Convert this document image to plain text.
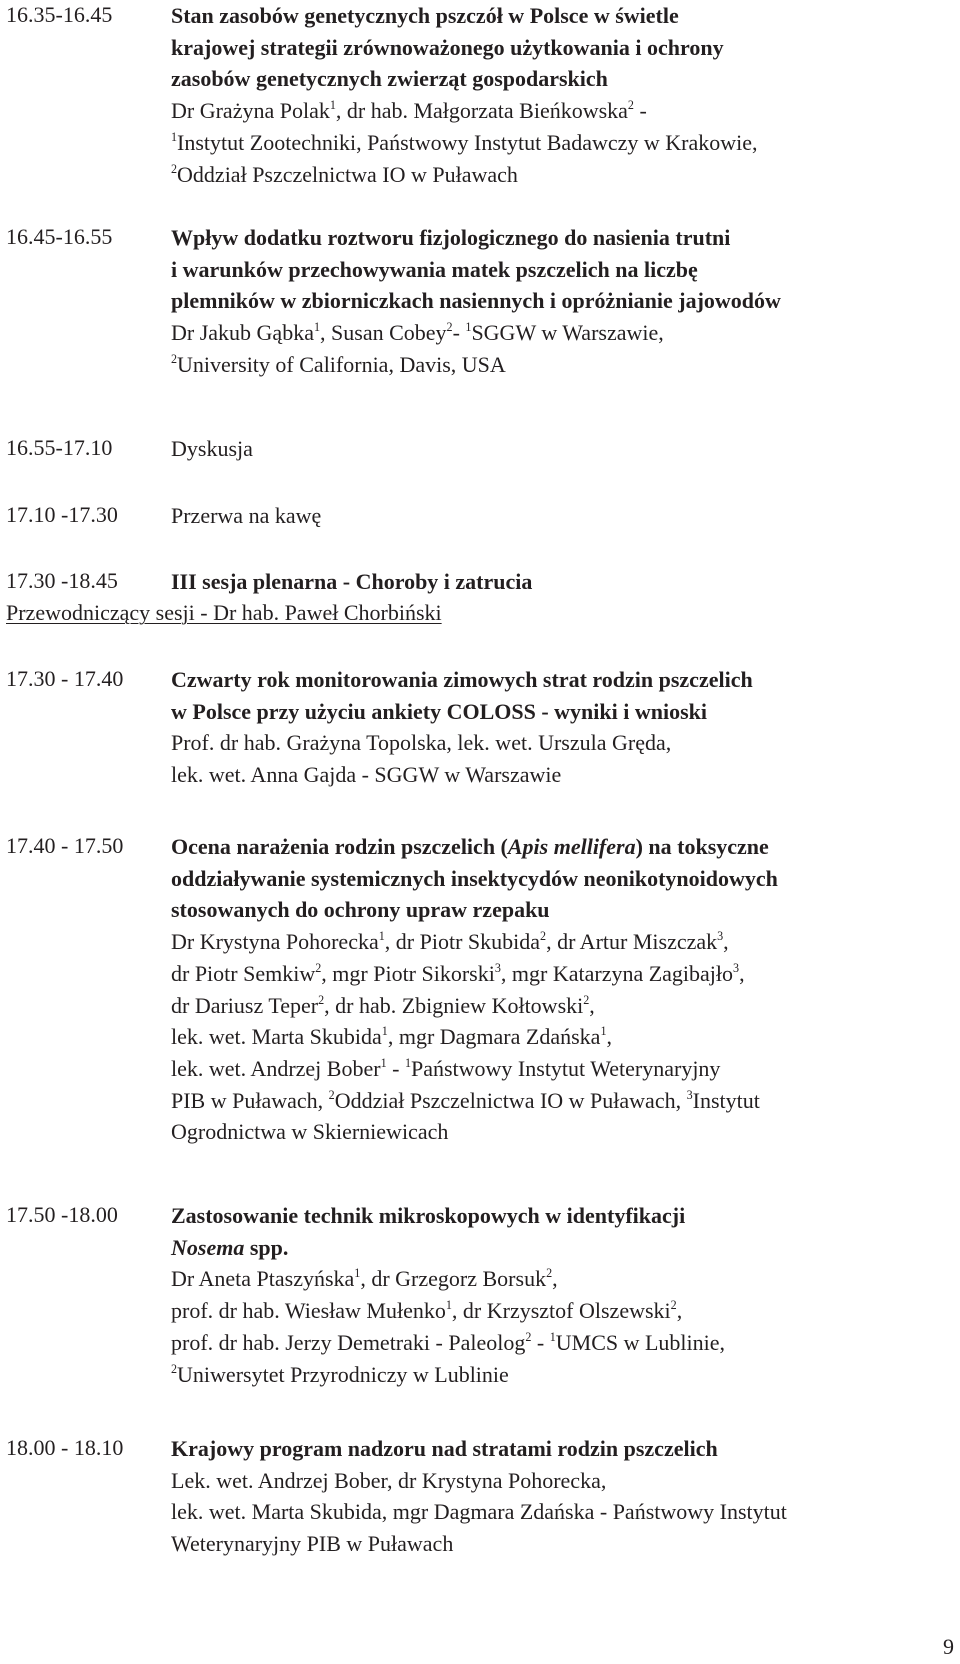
16.35-16.45	Stan zasobów genetycznych pszczół w Polsce w świetle
krajowej strategii zrównoważonego użytkowania i ochrony
zasobów genetycznych zwierząt gospodarskich
Dr Grażyna Polak$^1$, dr hab. Małgorzata Bieńkowska$^2$ -
$^1$Instytut Zootechniki, Państwowy Instytut Badawczy w Krakowie,
$^2$Oddział Pszczelnictwa IO w Puławach
16.45-16.55	Wpływ dodatku roztworu fizjologicznego do nasienia trutni
i warunków przechowywania matek pszczelich na liczbę
plemników w zbiorniczkach nasiennych i opróżnianie jajowodów
Dr Jakub Gąbka$^1$, Susan Cobey$^2$- $^1$SGGW w Warszawie,
$^2$University of California, Davis, USA
16.55-17.10	Dyskusja
17.10 -17.30 Przerwa na kawę
17.30 -18.45 III sesja plenarna - Choroby i zatrucia
Przewodniczący sesji - Dr hab. Paweł Chorbiński
17.30 - 17.40 Czwarty rok monitorowania zimowych strat rodzin pszczelich
w Polsce przy użyciu ankiety COLOSS - wyniki i wnioski
Prof. dr hab. Grażyna Topolska, lek. wet. Urszula Gręda,
lek. wet. Anna Gajda - SGGW w Warszawie
17.40 - 17.50 Ocena narażenia rodzin pszczelich (Apis mellifera) na toksyczne
oddziaływanie systemicznych insektycydów neonikotynoidowych
stosowanych do ochrony upraw rzepaku
Dr Krystyna Pohorecka$^1$, dr Piotr Skubida$^2$, dr Artur Miszczak$^3$,
dr Piotr Semkiw$^2$, mgr Piotr Sikorski$^3$, mgr Katarzyna Zagibajło$^3$,
dr Dariusz Teper$^2$, dr hab. Zbigniew Kołtowski$^2$,
lek. wet. Marta Skubida$^1$, mgr Dagmara Zdańska$^1$,
lek. wet. Andrzej Bober$^1$ - $^1$Państwowy Instytut Weterynaryjny
PIB w Puławach, $^2$Oddział Pszczelnictwa IO w Puławach, $^3$Instytut
Ogrodnictwa w Skierniewicach
17.50 -18.00 Zastosowanie technik mikroskopowych w identyfikacji
Nosema spp.
Dr Aneta Ptaszyńska$^1$, dr Grzegorz Borsuk$^2$,
prof. dr hab. Wiesław Mułenko$^1$, dr Krzysztof Olszewski$^2$,
prof. dr hab. Jerzy Demetraki - Paleolog$^2$ - $^1$UMCS w Lublinie,
$^2$Uniwersytet Przyrodniczy w Lublinie
18.00 - 18.10 Krajowy program nadzoru nad stratami rodzin pszczelich
Lek. wet. Andrzej Bober, dr Krystyna Pohorecka,
lek. wet. Marta Skubida, mgr Dagmara Zdańska - Państwowy Instytut
Weterynaryjny PIB w Puławach
9
